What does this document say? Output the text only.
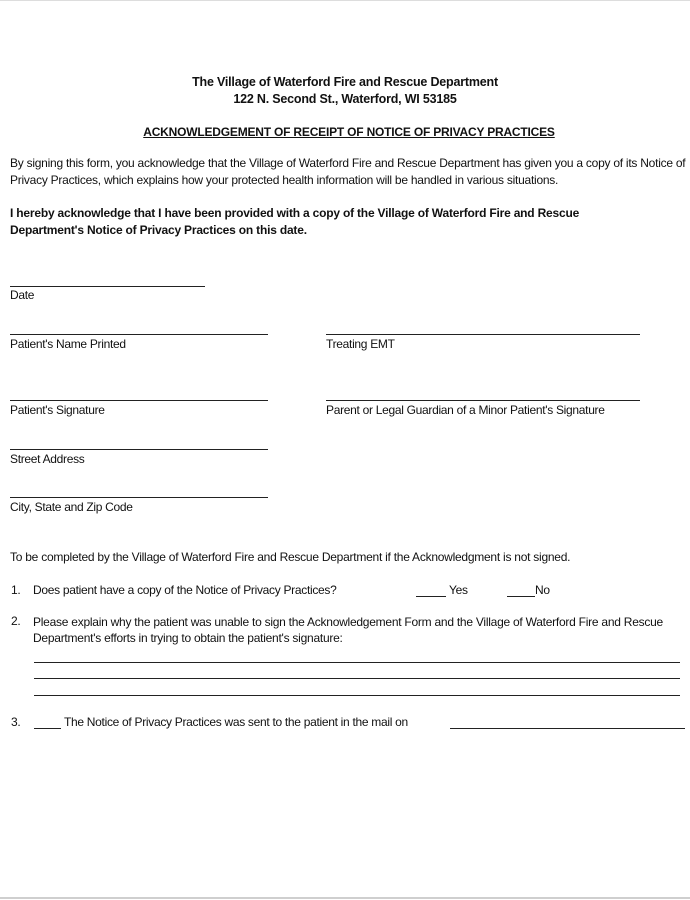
The Village of Waterford Fire and Rescue Department
122 N. Second St., Waterford, WI 53185
ACKNOWLEDGEMENT OF RECEIPT OF NOTICE OF PRIVACY PRACTICES
By signing this form, you acknowledge that the Village of Waterford Fire and Rescue Department has given you a copy of its Notice of Privacy Practices, which explains how your protected health information will be handled in various situations.
I hereby acknowledge that I have been provided with a copy of the Village of Waterford Fire and Rescue Department's Notice of Privacy Practices on this date.
Date
Patient's Name Printed	Treating EMT
Patient's Signature	Parent or Legal Guardian of a Minor Patient's Signature
Street Address
City, State and Zip Code
To be completed by the Village of Waterford Fire and Rescue Department if the Acknowledgment is not signed.
1. Does patient have a copy of the Notice of Privacy Practices?	Yes	No
2. Please explain why the patient was unable to sign the Acknowledgement Form and the Village of Waterford Fire and Rescue Department's efforts in trying to obtain the patient's signature:
3.	The Notice of Privacy Practices was sent to the patient in the mail on
